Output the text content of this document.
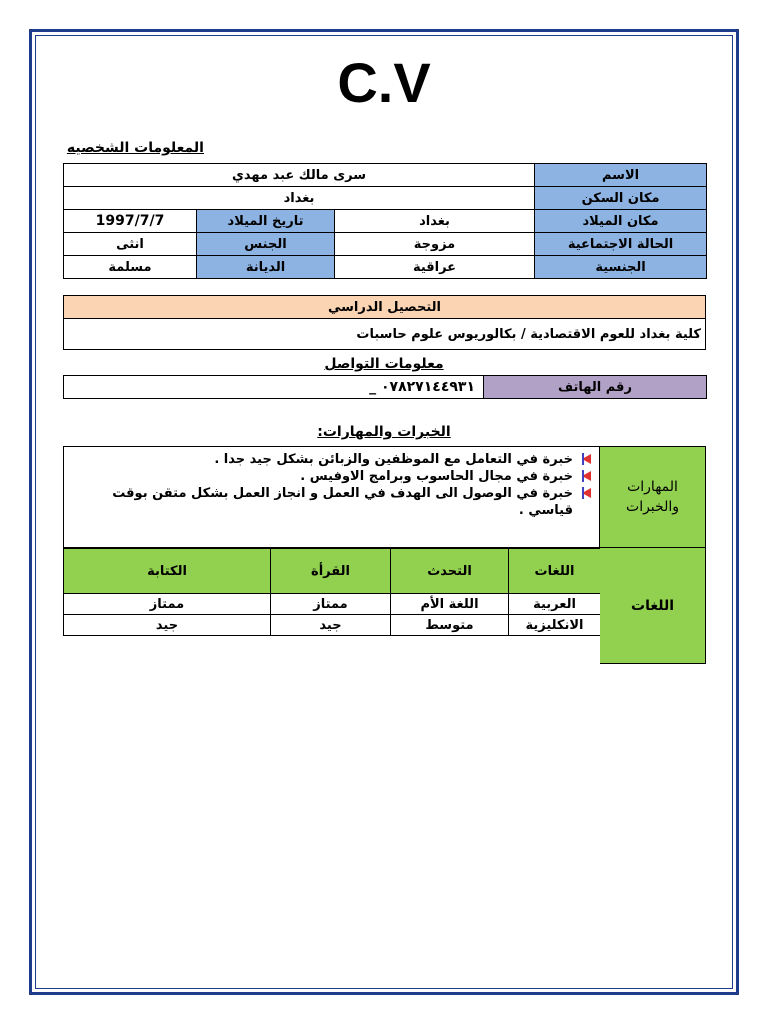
C.V
المعلومات الشخصيه
سرى مالك عبد مهدي			الاسم
بغداد			مكان السكن
1997/7/7	تاريخ الميلاد	بغداد	مكان الميلاد
انثى	الجنس	مزوجة	الحالة الاجتماعية
مسلمة	الديانة	عراقية	الجنسية
التحصيل الدراسي
كلية بغداد للعوم الاقتصادية / بكالوريوس علوم حاسبات
معلومات التواصل
٠٧٨٢٧١٤٤٩٣١ _	رقم الهاتف
الخبرات والمهارات:
خبرة في التعامل مع الموظفين والزبائن بشكل جيد جدا .
خبرة في مجال الحاسوب وبرامج الاوفيس .
خبرة في الوصول الى الهدف في العمل و انجاز العمل بشكل متقن بوقت قياسي .
المهارات
والخبرات
الكتابة	القرأة	التحدث	اللغات
ممتاز	ممتاز	اللغة الأم	العربية
جيد	جيد	متوسط	الانكليزية
اللغات
